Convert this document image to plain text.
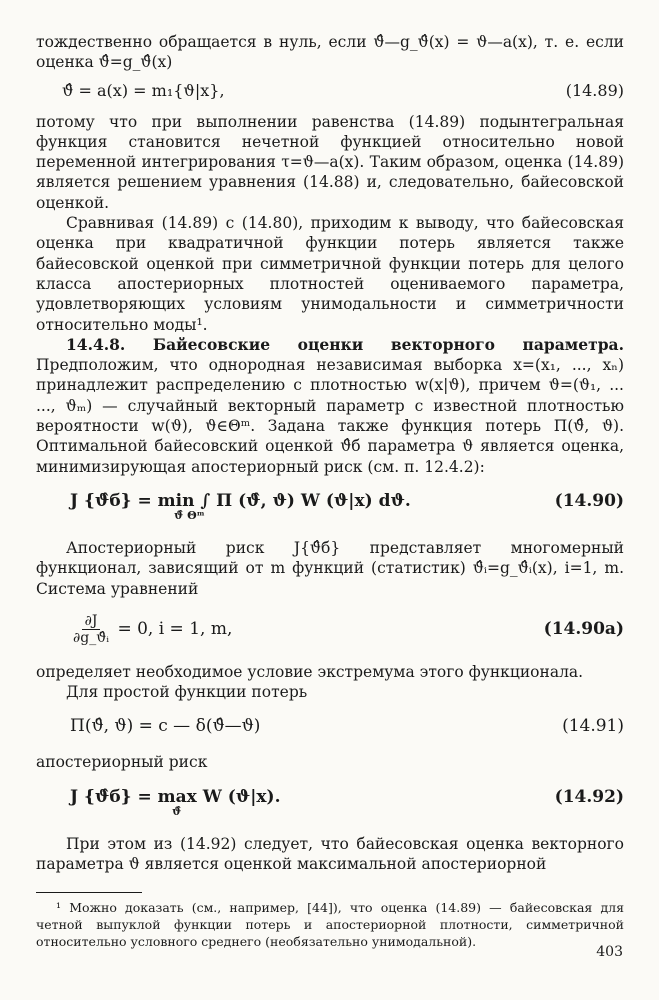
тождественно обращается в нуль, если ϑ̂—g_ϑ̂(x) = ϑ—a(x), т. е. если оценка ϑ̂=g_ϑ̂(x)

ϑ̂ = a(x) = m₁{ϑ|x},	(14.89)

потому что при выполнении равенства (14.89) подынтегральная функция становится нечетной функцией относительно новой переменной интегрирования τ=ϑ—a(x). Таким образом, оценка (14.89) является решением уравнения (14.88) и, следовательно, байесовской оценкой.

Сравнивая (14.89) с (14.80), приходим к выводу, что байесовская оценка при квадратичной функции потерь является также байесовской оценкой при симметричной функции потерь для целого класса апостериорных плотностей оцениваемого параметра, удовлетворяющих условиям унимодальности и симметричности относительно моды¹.

14.4.8. Байесовские оценки векторного параметра. Предположим, что однородная независимая выборка x=(x₁, ..., xₙ) принадлежит распределению с плотностью w(x|ϑ), причем ϑ=(ϑ₁, ... ..., ϑₘ) — случайный векторный параметр с известной плотностью вероятности w(ϑ), ϑ∈Θᵐ. Задана также функция потерь Π(ϑ̂, ϑ). Оптимальной байесовский оценкой ϑ̂б параметра ϑ является оценка, минимизирующая апостериорный риск (см. п. 12.4.2):

J {ϑ̂б} = min ∫ Π (ϑ̂, ϑ) W (ϑ|x) dϑ.
ϑ̂ Θᵐ
(14.90)

Апостериорный риск J{ϑ̂б} представляет многомерный функционал, зависящий от m функций (статистик) ϑ̂ᵢ=g_ϑ̂ᵢ(x), i=1, m. Система уравнений

$\frac{\partial J}{\text{∂g\_ϑ̂ᵢ}} = 0$, i = 1, m,	(14.90a)

определяет необходимое условие экстремума этого функционала.

Для простой функции потерь

Π(ϑ̂, ϑ) = c — δ(ϑ̂—ϑ)	(14.91)

апостериорный риск

J {ϑ̂б} = max W (ϑ|x).
ϑ̂
(14.92)

При этом из (14.92) следует, что байесовская оценка векторного параметра ϑ является оценкой максимальной апостериорной

¹ Можно доказать (см., например, [44]), что оценка (14.89) — байесовская для четной выпуклой функции потерь и апостериорной плотности, симметричной относительно условного среднего (необязательно унимодальной).

403
